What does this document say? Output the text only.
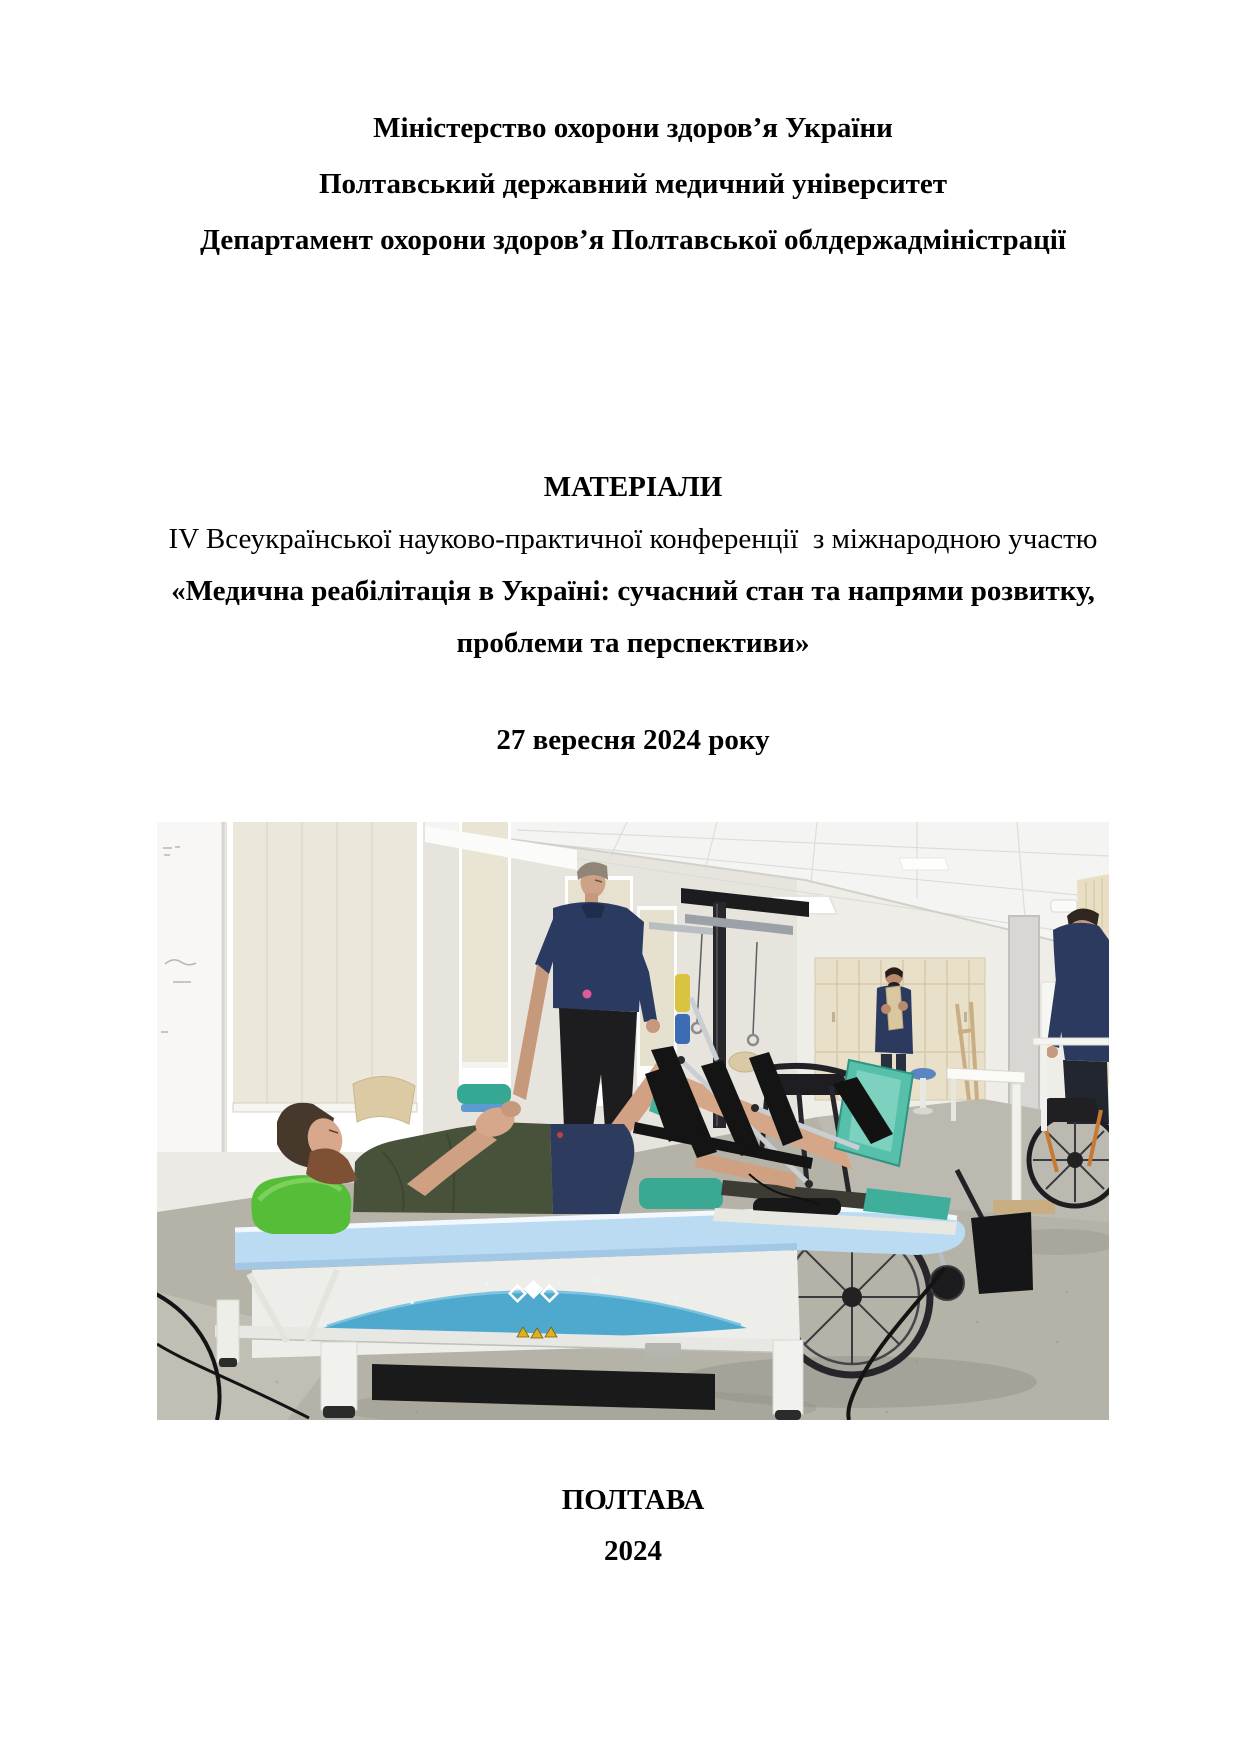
Міністерство охорони здоров’я України
Полтавський державний медичний університет
Департамент охорони здоров’я Полтавської облдержадміністрації
МАТЕРІАЛИ
IV Всеукраїнської науково-практичної конференції  з міжнародною участю
«Медична реабілітація в Україні: сучасний стан та напрями розвитку,
проблеми та перспективи»
27 вересня 2024 року
ПОЛТАВА
2024
